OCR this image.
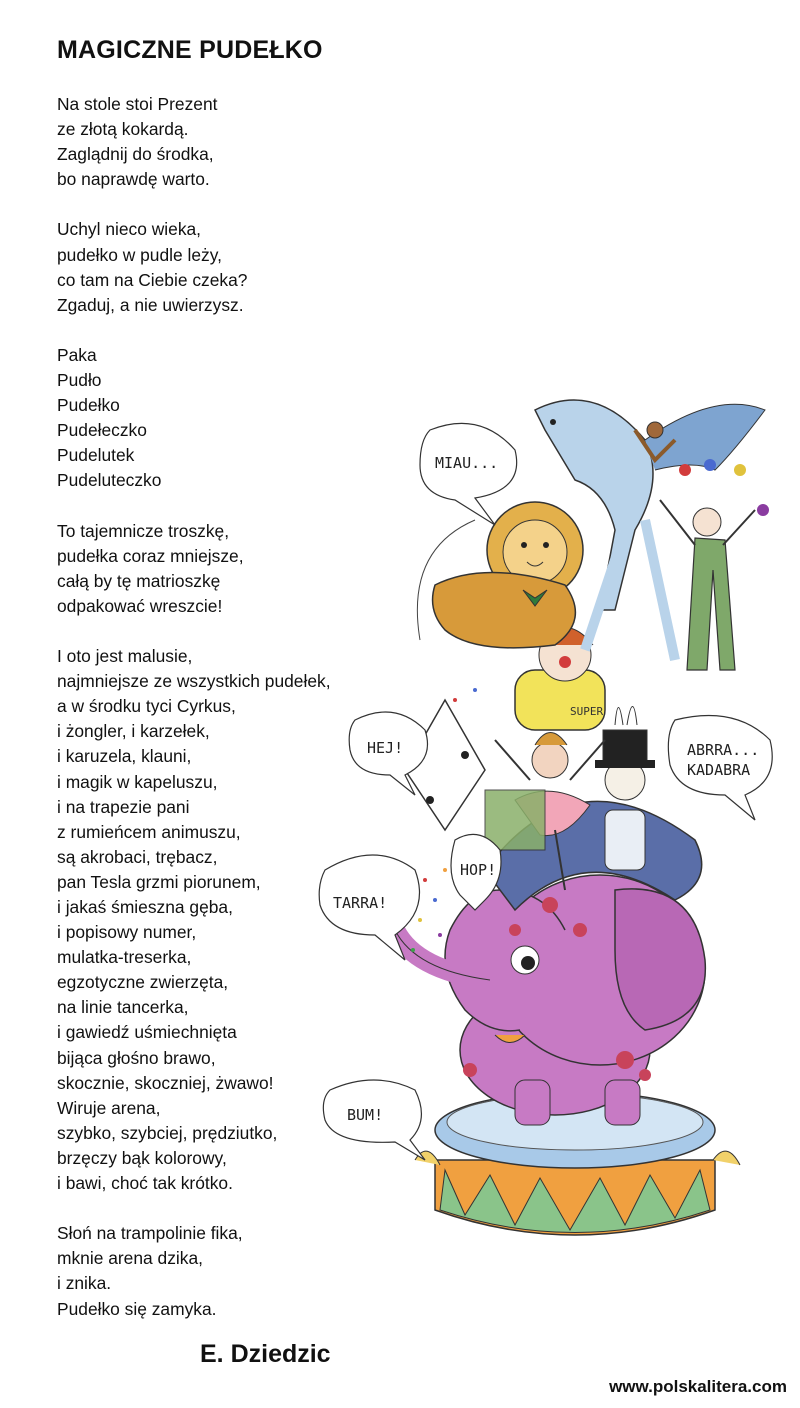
MAGICZNE PUDEŁKO
Na stole stoi Prezent
ze złotą kokardą.
Zaglądnij do środka,
bo naprawdę warto.
Uchyl nieco wieka,
pudełko w pudle leży,
co tam na Ciebie czeka?
Zgaduj, a nie uwierzysz.
Paka
Pudło
Pudełko
Pudełeczko
Pudelutek
Pudeluteczko
To tajemnicze troszkę,
pudełka coraz mniejsze,
całą by tę matrioszkę
odpakować wreszcie!
I oto jest malusie,
najmniejsze ze wszystkich pudełek,
a w środku tyci Cyrkus,
i żongler, i karzełek,
i karuzela, klauni,
i magik w kapeluszu,
i na trapezie pani
z rumieńcem animuszu,
są akrobaci, trębacz,
pan Tesla grzmi piorunem,
i jakaś śmieszna gęba,
i popisowy numer,
mulatka-treserka,
egzotyczne zwierzęta,
na linie tancerka,
i gawiedź uśmiechnięta
bijąca głośno brawo,
skocznie, skoczniej, żwawo!
Wiruje arena,
szybko, szybciej, prędziutko,
brzęczy bąk kolorowy,
i bawi, choć tak krótko.
Słoń na trampolinie fika,
mknie arena dzika,
i znika.
Pudełko się zamyka.
E. Dziedzic
www.polskalitera.com
SUPER
MIAU...
HEJ!	ABRRA...
KADABRA
TARRA!
HOP!
BUM!
